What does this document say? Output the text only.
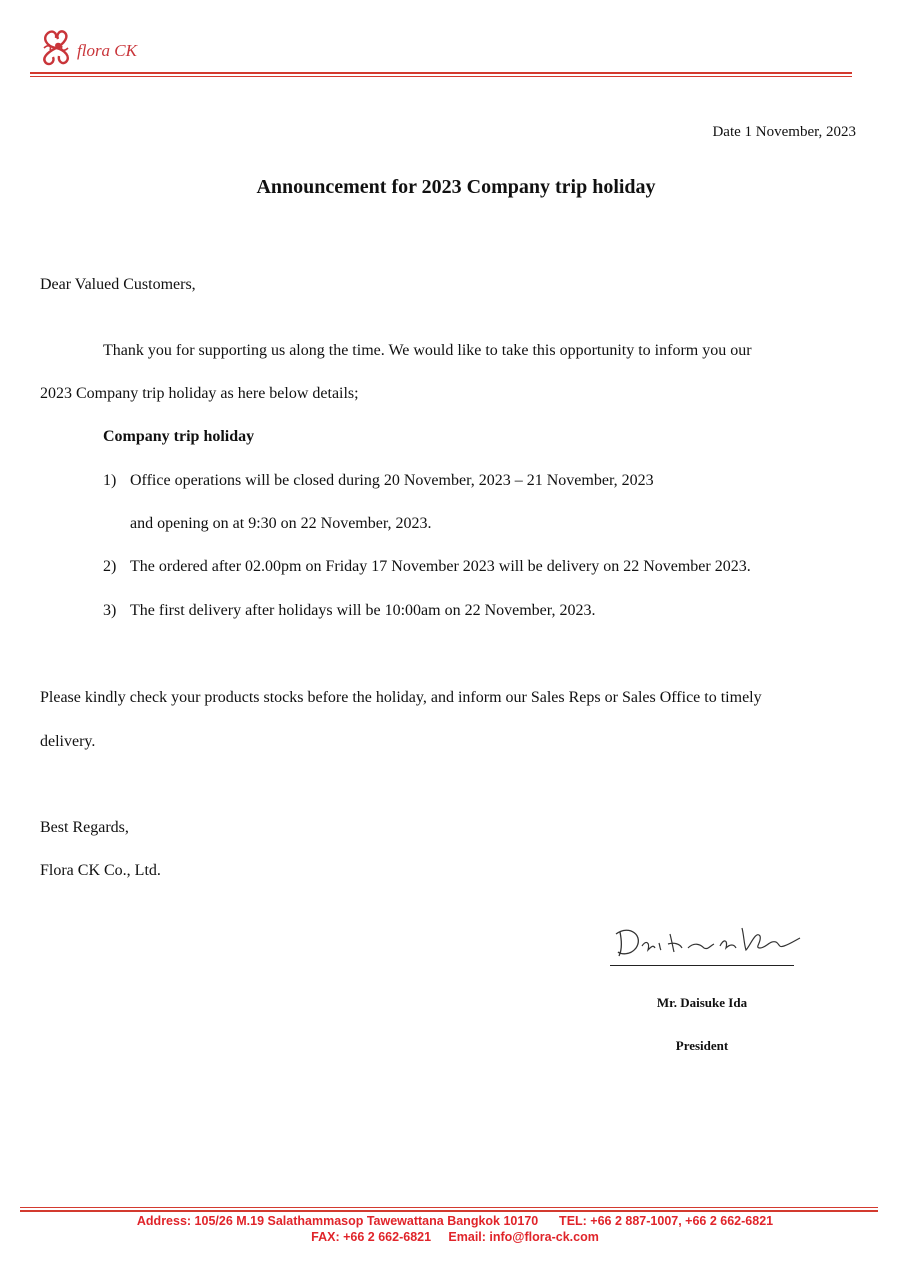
flora CK
Date 1 November, 2023
Announcement for 2023 Company trip holiday
Dear Valued Customers,
Thank you for supporting us along the time. We would like to take this opportunity to inform you our
2023 Company trip holiday as here below details;
Company trip holiday
1) Office operations will be closed during 20 November, 2023 – 21 November, 2023
and opening on at 9:30 on 22 November, 2023.
2) The ordered after 02.00pm on Friday 17 November 2023 will be delivery on 22 November 2023.
3) The first delivery after holidays will be 10:00am on 22 November, 2023.
Please kindly check your products stocks before the holiday, and inform our Sales Reps or Sales Office to timely
delivery.
Best Regards,
Flora CK Co., Ltd.
Mr. Daisuke Ida
President
Address: 105/26 M.19 Salathammasop Tawewattana Bangkok 10170      TEL: +66 2 887-1007, +66 2 662-6821
FAX: +66 2 662-6821     Email: info@flora-ck.com
